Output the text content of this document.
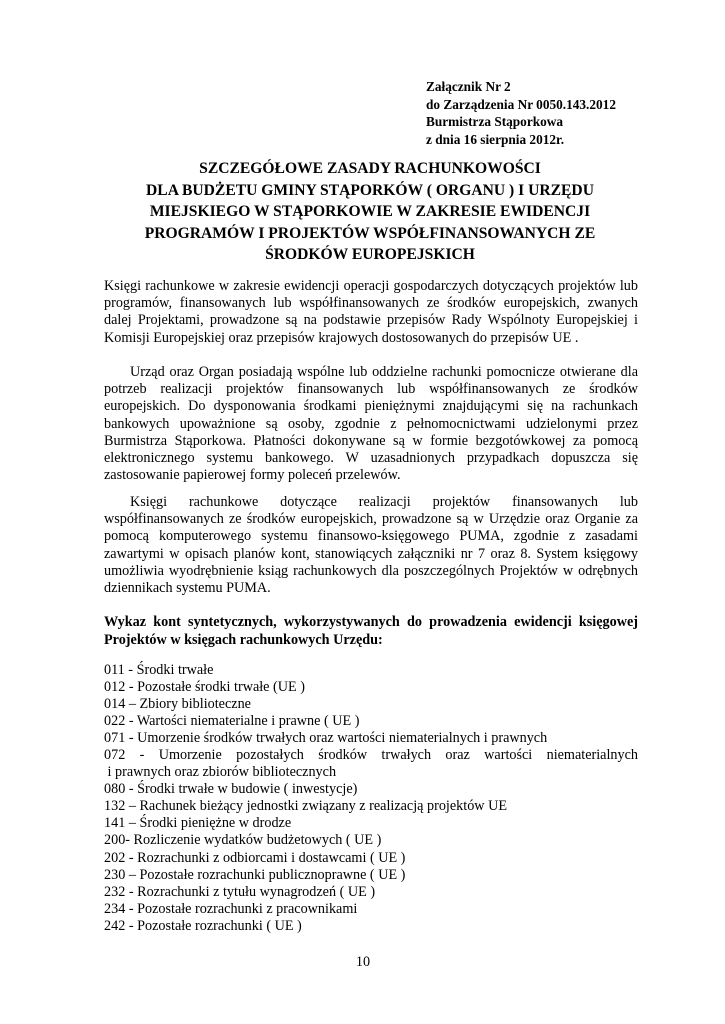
Załącznik Nr 2
do Zarządzenia Nr 0050.143.2012
Burmistrza Stąporkowa
z dnia 16 sierpnia 2012r.
SZCZEGÓŁOWE ZASADY RACHUNKOWOŚCI
DLA BUDŻETU GMINY STĄPORKÓW ( ORGANU ) I URZĘDU
MIEJSKIEGO W STĄPORKOWIE W ZAKRESIE EWIDENCJI
PROGRAMÓW I PROJEKTÓW WSPÓŁFINANSOWANYCH ZE
ŚRODKÓW EUROPEJSKICH
Księgi rachunkowe w zakresie ewidencji operacji gospodarczych dotyczących projektów lub programów, finansowanych lub współfinansowanych ze środków europejskich, zwanych dalej Projektami, prowadzone są na podstawie przepisów Rady Wspólnoty Europejskiej i Komisji Europejskiej oraz przepisów krajowych dostosowanych do przepisów UE .
Urząd oraz Organ posiadają wspólne lub oddzielne rachunki pomocnicze otwierane dla potrzeb realizacji projektów finansowanych lub współfinansowanych ze środków europejskich. Do dysponowania środkami pieniężnymi znajdującymi się na rachunkach bankowych upoważnione są osoby, zgodnie z pełnomocnictwami udzielonymi przez Burmistrza Stąporkowa. Płatności dokonywane są w formie bezgotówkowej za pomocą elektronicznego systemu bankowego. W uzasadnionych przypadkach dopuszcza się zastosowanie papierowej formy poleceń przelewów.
Księgi rachunkowe dotyczące realizacji projektów finansowanych lub współfinansowanych ze środków europejskich, prowadzone są w Urzędzie oraz Organie za pomocą komputerowego systemu finansowo-księgowego PUMA, zgodnie z zasadami zawartymi w opisach planów kont, stanowiących załączniki nr 7 oraz 8. System księgowy umożliwia wyodrębnienie ksiąg rachunkowych dla poszczególnych Projektów w odrębnych dziennikach systemu PUMA.
Wykaz kont syntetycznych, wykorzystywanych do prowadzenia ewidencji księgowej Projektów w księgach rachunkowych Urzędu:
011 - Środki trwałe
012 - Pozostałe środki trwałe (UE )
014 – Zbiory biblioteczne
022 - Wartości niematerialne i prawne ( UE )
071 - Umorzenie środków trwałych oraz wartości niematerialnych i prawnych
072 - Umorzenie pozostałych środków trwałych oraz wartości niematerialnych
i prawnych oraz zbiorów bibliotecznych
080 - Środki trwałe w budowie ( inwestycje)
132 – Rachunek bieżący jednostki związany z realizacją projektów UE
141 – Środki pieniężne w drodze
200- Rozliczenie wydatków budżetowych ( UE )
202 - Rozrachunki z odbiorcami i dostawcami ( UE )
230 – Pozostałe rozrachunki publicznoprawne ( UE )
232 - Rozrachunki z tytułu wynagrodzeń ( UE )
234 - Pozostałe rozrachunki z pracownikami
242 - Pozostałe rozrachunki ( UE )
10
